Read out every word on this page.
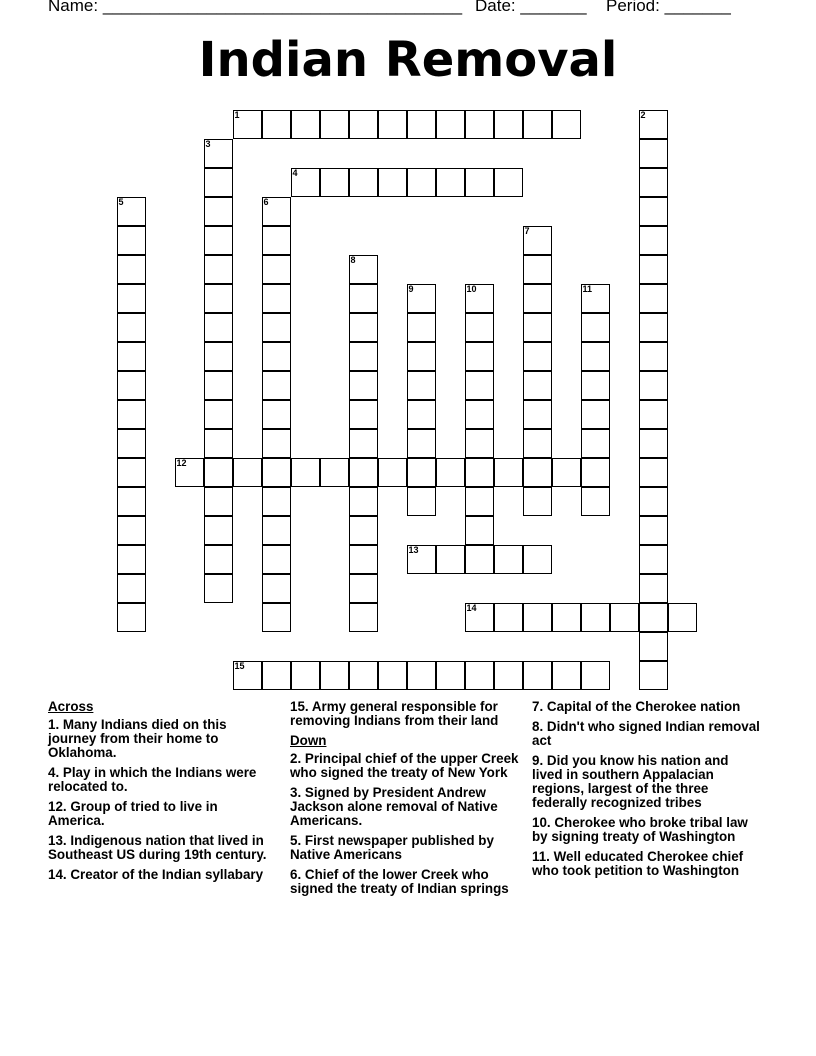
Name: ______________________________________ Date: _______ Period: _______
Indian Removal
1	2
3
4
5	6
7
8
9	10	11
12
13
14
15
Across
1. Many Indians died on this journey from their home to Oklahoma.
4. Play in which the Indians were relocated to.
12. Group of tried to live in America.
13. Indigenous nation that lived in Southeast US during 19th century.
14. Creator of the Indian syllabary
15. Army general responsible for removing Indians from their land
Down
2. Principal chief of the upper Creek who signed the treaty of New York
3. Signed by President Andrew Jackson alone removal of Native Americans.
5. First newspaper published by Native Americans
6. Chief of the lower Creek who signed the treaty of Indian springs
7. Capital of the Cherokee nation
8. Didn't who signed Indian removal act
9. Did you know his nation and lived in southern Appalacian regions, largest of the three federally recognized tribes
10. Cherokee who broke tribal law by signing treaty of Washington
11. Well educated Cherokee chief who took petition to Washington
